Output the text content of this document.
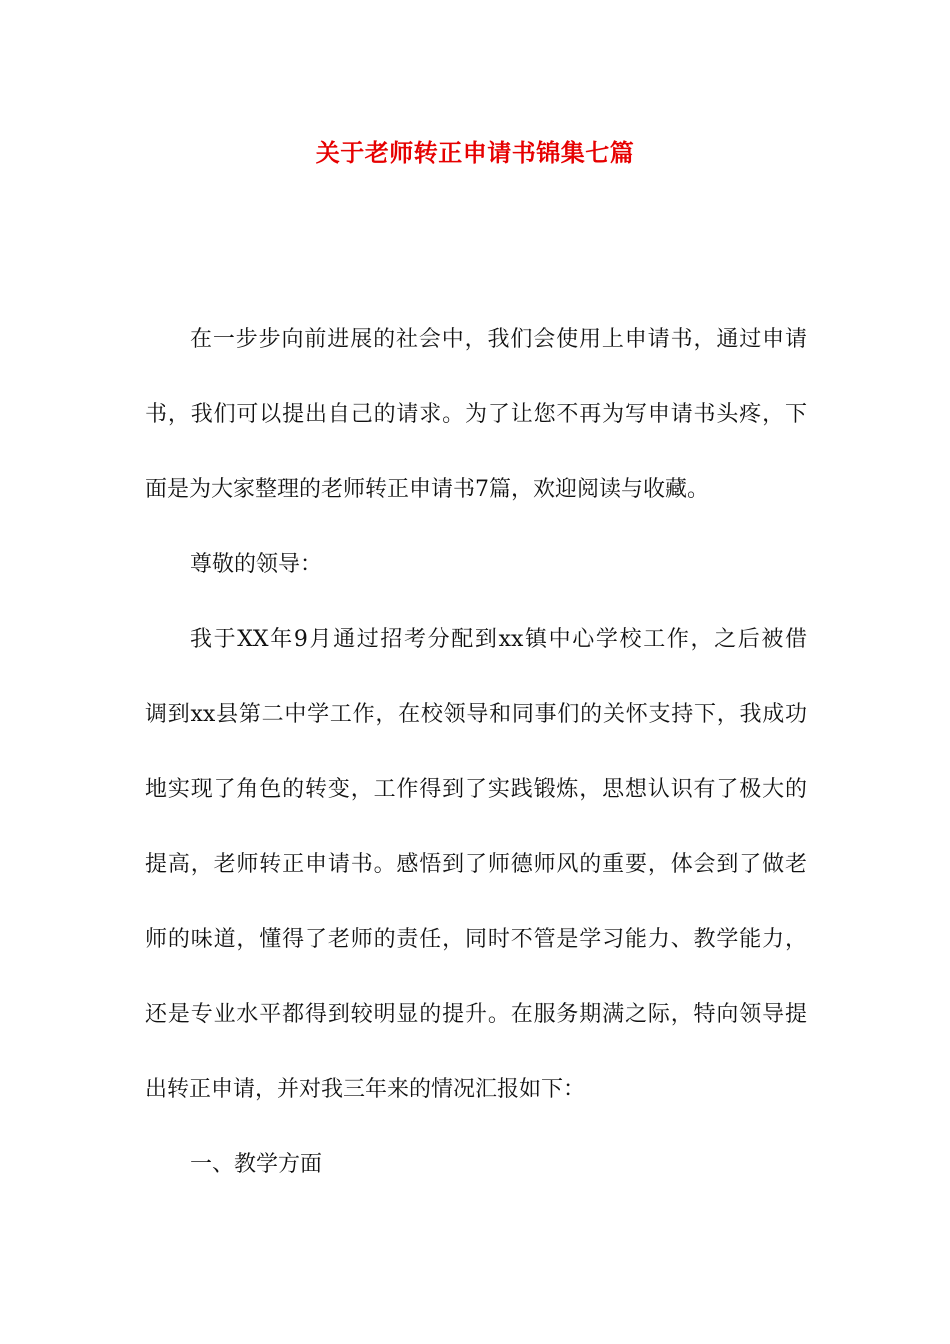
关于老师转正申请书锦集七篇
在一步步向前进展的社会中，我们会使用上申请书，通过申请
书，我们可以提出自己的请求。为了让您不再为写申请书头疼，下
面是为大家整理的老师转正申请书7篇，欢迎阅读与收藏。
尊敬的领导：
我于XX年9月通过招考分配到xx镇中心学校工作，之后被借
调到xx县第二中学工作，在校领导和同事们的关怀支持下，我成功
地实现了角色的转变，工作得到了实践锻炼，思想认识有了极大的
提高，老师转正申请书。感悟到了师德师风的重要，体会到了做老
师的味道，懂得了老师的责任，同时不管是学习能力、教学能力，
还是专业水平都得到较明显的提升。在服务期满之际，特向领导提
出转正申请，并对我三年来的情况汇报如下：
一、教学方面
